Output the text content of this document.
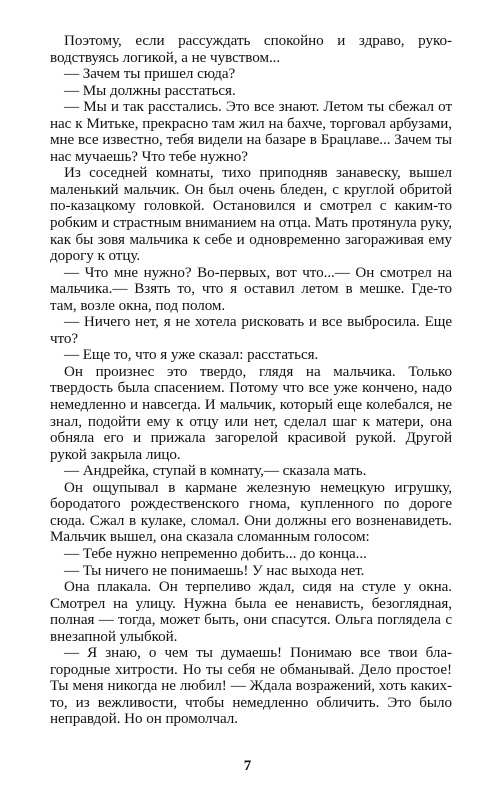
Поэтому, если рассуждать спокойно и здраво, руководствуясь логикой, а не чувством...

— Зачем ты пришел сюда?

— Мы должны расстаться.

— Мы и так расстались. Это все знают. Летом ты сбежал от нас к Митьке, прекрасно там жил на бахче, торговал арбузами, мне все известно, тебя видели на базаре в Брацлаве... Зачем ты нас мучаешь? Что тебе нужно?

Из соседней комнаты, тихо приподняв занавеску, вышел маленький мальчик. Он был очень бледен, с круглой обритой по-казацкому головкой. Остановился и смотрел с каким-то робким и страстным вниманием на отца. Мать протянула руку, как бы зовя мальчика к себе и одновременно загораживая ему дорогу к отцу.

— Что мне нужно? Во-первых, вот что...— Он смотрел на мальчика.— Взять то, что я оставил летом в мешке. Где-то там, возле окна, под полом.

— Ничего нет, я не хотела рисковать и все выбросила. Еще что?

— Еще то, что я уже сказал: расстаться.

Он произнес это твердо, глядя на мальчика. Только твердость была спасением. Потому что все уже кончено, надо немедленно и навсегда. И мальчик, который еще колебался, не знал, подойти ему к отцу или нет, сделал шаг к матери, она обняла его и прижала загорелой красивой рукой. Другой рукой закрыла лицо.

— Андрейка, ступай в комнату,— сказала мать.

Он ощупывал в кармане железную немецкую игрушку, бородатого рождественского гнома, купленного по дороге сюда. Сжал в кулаке, сломал. Они должны его возненавидеть. Мальчик вышел, она сказала сломанным голосом:

— Тебе нужно непременно добить... до конца...

— Ты ничего не понимаешь! У нас выхода нет.

Она плакала. Он терпеливо ждал, сидя на стуле у окна. Смотрел на улицу. Нужна была ее ненависть, безоглядная, полная — тогда, может быть, они спасутся. Ольга поглядела с внезапной улыбкой.

— Я знаю, о чем ты думаешь! Понимаю все твои благородные хитрости. Но ты себя не обманывай. Дело простое! Ты меня никогда не любил! — Ждала возражений, хоть каких-то, из вежливости, чтобы немедленно обличить. Это было неправдой. Но он промолчал.

7
